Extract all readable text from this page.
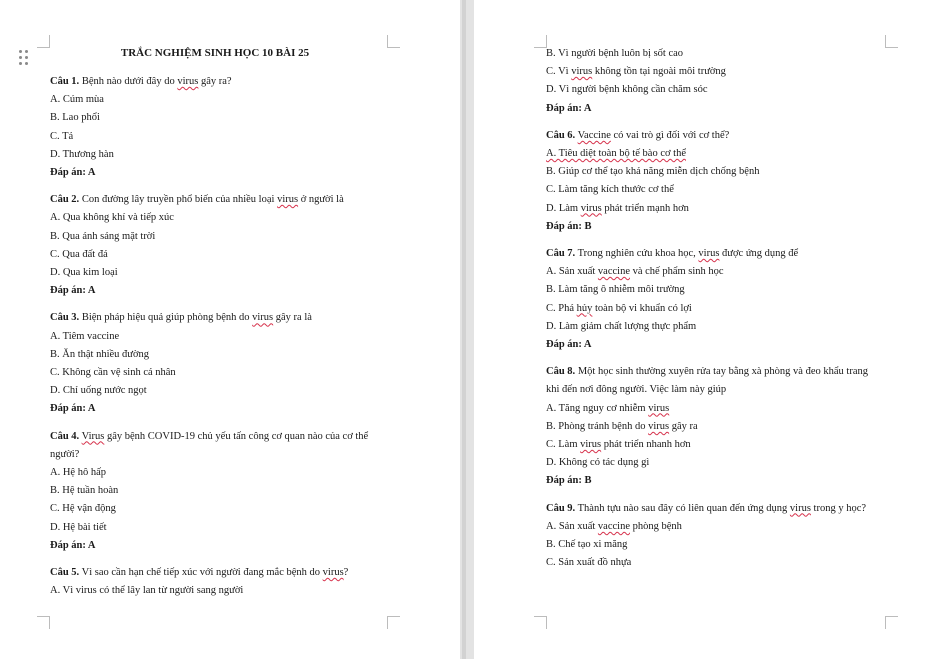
TRẮC NGHIỆM SINH HỌC 10 BÀI 25

Câu 1. Bệnh nào dưới đây do virus gây ra?

A. Cúm mùa

B. Lao phổi

C. Tả

D. Thương hàn

Đáp án: A

Câu 2. Con đường lây truyền phổ biến của nhiều loại virus ở người là

A. Qua không khí và tiếp xúc

B. Qua ánh sáng mặt trời

C. Qua đất đá

D. Qua kim loại

Đáp án: A

Câu 3. Biện pháp hiệu quả giúp phòng bệnh do virus gây ra là

A. Tiêm vaccine

B. Ăn thật nhiều đường

C. Không cần vệ sinh cá nhân

D. Chỉ uống nước ngọt

Đáp án: A

Câu 4. Virus gây bệnh COVID-19 chủ yếu tấn công cơ quan nào của cơ thể

người?

A. Hệ hô hấp

B. Hệ tuần hoàn

C. Hệ vận động

D. Hệ bài tiết

Đáp án: A

Câu 5. Vì sao cần hạn chế tiếp xúc với người đang mắc bệnh do virus?

A. Vì virus có thể lây lan từ người sang người

B. Vì người bệnh luôn bị sốt cao

C. Vì virus không tồn tại ngoài môi trường

D. Vì người bệnh không cần chăm sóc

Đáp án: A

Câu 6. Vaccine có vai trò gì đối với cơ thể?

A. Tiêu diệt toàn bộ tế bào cơ thể

B. Giúp cơ thể tạo khả năng miễn dịch chống bệnh

C. Làm tăng kích thước cơ thể

D. Làm virus phát triển mạnh hơn

Đáp án: B

Câu 7. Trong nghiên cứu khoa học, virus được ứng dụng để

A. Sản xuất vaccine và chế phẩm sinh học

B. Làm tăng ô nhiễm môi trường

C. Phá hủy toàn bộ vi khuẩn có lợi

D. Làm giảm chất lượng thực phẩm

Đáp án: A

Câu 8. Một học sinh thường xuyên rửa tay bằng xà phòng và đeo khẩu trang

khi đến nơi đông người. Việc làm này giúp

A. Tăng nguy cơ nhiễm virus

B. Phòng tránh bệnh do virus gây ra

C. Làm virus phát triển nhanh hơn

D. Không có tác dụng gì

Đáp án: B

Câu 9. Thành tựu nào sau đây có liên quan đến ứng dụng virus trong y học?

A. Sản xuất vaccine phòng bệnh

B. Chế tạo xi măng

C. Sản xuất đồ nhựa
